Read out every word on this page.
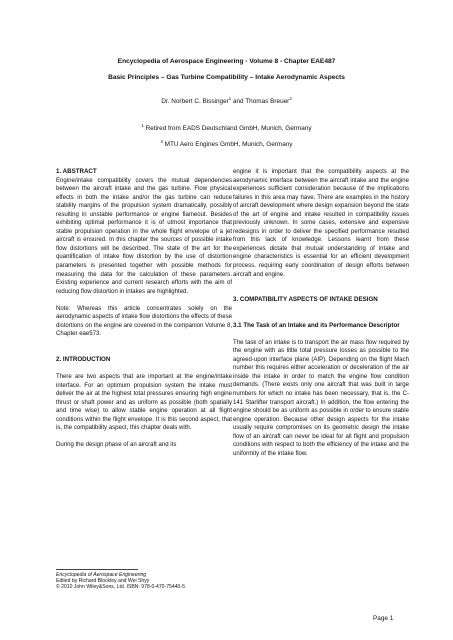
Encyclopedia of Aerospace Engineering - Volume 8 - Chapter EAE487
Basic Principles – Gas Turbine Compatibility – Intake Aerodynamic Aspects
Dr. Norbert C. Bissinger$^1$ and Thomas Breuer$^2$
$^1$ Retired from EADS Deutschland GmbH, Munich, Germany
$^2$ MTU Aero Engines GmbH, Munich, Germany

1. ABSTRACT

Engine/intake compatibility covers the mutual dependencies between the aircraft intake and the gas turbine. Flow physical effects in both the intake and/or the gas turbine can reduce stability margins of the propulsion system dramatically, possibly resulting in unstable performance or engine flameout. Besides exhibiting optimal performance it is of utmost importance that stable propulsion operation in the whole flight envelope of a jet aircraft is ensured. In this chapter the sources of possible intake flow distortions will be described. The state of the art for the quantification of intake flow distortion by the use of distortion parameters is presented together with possible methods for measuring the data for the calculation of these parameters. Existing experience and current research efforts with the aim of reducing flow distortion in intakes are highlighted.

Note: Whereas this article concentrates solely on the aerodynamic aspects of intake flow distortions the effects of these distortions on the engine are covered in the companion Volume 8, Chapter eae573.

2. INTRODUCTION

There are two aspects that are important at the engine/intake interface. For an optimum propulsion system the intake must deliver the air at the highest total pressures ensuring high engine thrust or shaft power and as uniform as possible (both spatially and time wise) to allow stable engine operation at all flight conditions within the flight envelope. It is this second aspect, that is, the compatibility aspect, this chapter deals with.

During the design phase of an aircraft and its

engine it is important that the compatibility aspects at the aerodynamic interface between the aircraft intake and the engine experiences sufficient consideration because of the implications failures in this area may have. There are examples in the history of aircraft development where design expansion beyond the state of the art of engine and intake resulted in compatibility issues previously unknown. In some cases, extensive and expensive redesigns in order to deliver the specified performance resulted from this lack of knowledge. Lessons learnt from these experiences dictate that mutual understanding of intake and engine characteristics is essential for an efficient development process, requiring early coordination of design efforts between aircraft and engine.

3. COMPATIBILITY ASPECTS OF INTAKE DESIGN

3.1 The Task of an Intake and its Performance Descriptor

The task of an intake is to transport the air mass flow required by the engine with as little total pressure losses as possible to the agreed-upon interface plane (AIP). Depending on the flight Mach number this requires either acceleration or deceleration of the air inside the intake in order to match the engine flow condition demands. (There exists only one aircraft that was built in large numbers for which no intake has been necessary, that is, the C-141 Starlifter transport aircraft.) In addition, the flow entering the engine should be as uniform as possible in order to ensure stable engine operation. Because other design aspects for the intake usually require compromises on its geometric design the intake flow of an aircraft can never be ideal for all flight and propulsion conditions with respect to both the efficiency of the intake and the uniformity of the intake flow.

Encyclopedia of Aerospace Engineering
Edited by Richard Blockley and Wei Shyy
© 2010 John Wiley&Sons, Ltd. ISBN: 978-0-470-75440-5
Page 1
